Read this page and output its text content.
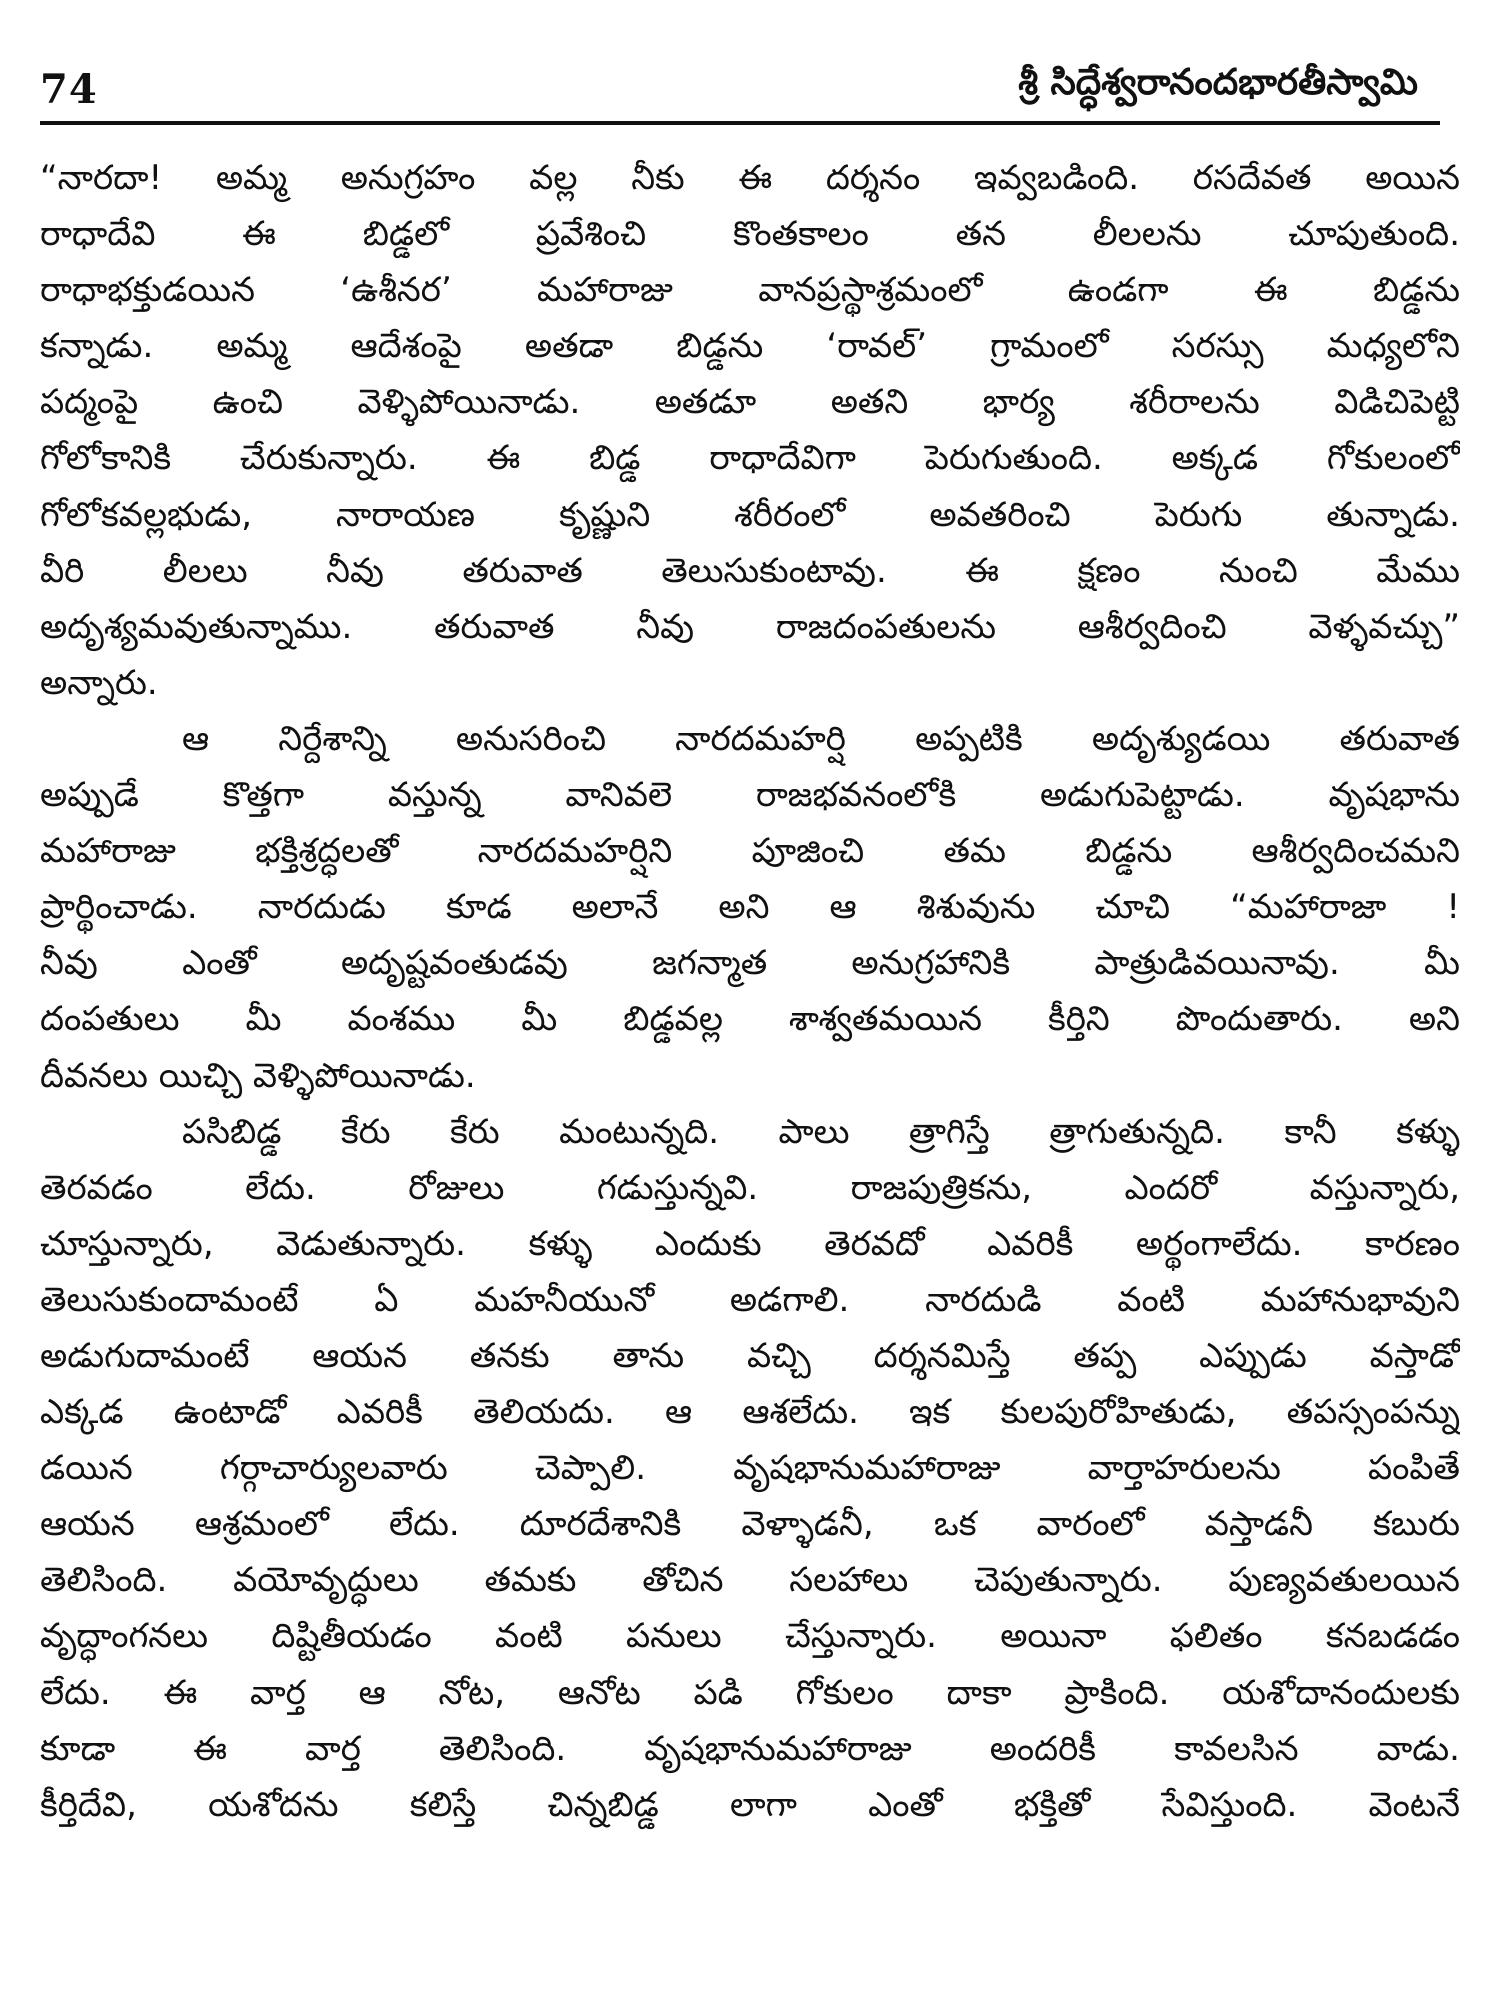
74	శ్రీ సిద్ధేశ్వరానందభారతీస్వామి
“నారదా! అమ్మ అనుగ్రహం వల్ల నీకు ఈ దర్శనం ఇవ్వబడింది. రసదేవత అయిన
రాధాదేవి ఈ బిడ్డలో ప్రవేశించి కొంతకాలం తన లీలలను చూపుతుంది.
రాధాభక్తుడయిన ‘ఉశీనర’ మహారాజు వానప్రస్థాశ్రమంలో ఉండగా ఈ బిడ్డను
కన్నాడు. అమ్మ ఆదేశంపై అతడా బిడ్డను ‘రావల్’ గ్రామంలో సరస్సు మధ్యలోని
పద్మంపై ఉంచి వెళ్ళిపోయినాడు. అతడూ అతని భార్య శరీరాలను విడిచిపెట్టి
గోలోకానికి చేరుకున్నారు. ఈ బిడ్డ రాధాదేవిగా పెరుగుతుంది. అక్కడ గోకులంలో
గోలోకవల్లభుడు, నారాయణ కృష్ణుని శరీరంలో అవతరించి పెరుగు తున్నాడు.
వీరి లీలలు నీవు తరువాత తెలుసుకుంటావు. ఈ క్షణం నుంచి మేము
అదృశ్యమవుతున్నాము. తరువాత నీవు రాజదంపతులను ఆశీర్వదించి వెళ్ళవచ్చు”
అన్నారు.
ఆ నిర్దేశాన్ని అనుసరించి నారదమహర్షి అప్పటికి అదృశ్యుడయి తరువాత
అప్పుడే కొత్తగా వస్తున్న వానివలె రాజభవనంలోకి అడుగుపెట్టాడు. వృషభాను
మహారాజు భక్తిశ్రద్ధలతో నారదమహర్షిని పూజించి తమ బిడ్డను ఆశీర్వదించమని
ప్రార్థించాడు. నారదుడు కూడ అలానే అని ఆ శిశువును చూచి “మహారాజా !
నీవు ఎంతో అదృష్టవంతుడవు జగన్మాత అనుగ్రహానికి పాత్రుడివయినావు. మీ
దంపతులు మీ వంశము మీ బిడ్డవల్ల శాశ్వతమయిన కీర్తిని పొందుతారు. అని
దీవనలు యిచ్చి వెళ్ళిపోయినాడు.
పసిబిడ్డ కేరు కేరు మంటున్నది. పాలు త్రాగిస్తే త్రాగుతున్నది. కానీ కళ్ళు
తెరవడం లేదు. రోజులు గడుస్తున్నవి. రాజపుత్రికను, ఎందరో వస్తున్నారు,
చూస్తున్నారు, వెడుతున్నారు. కళ్ళు ఎందుకు తెరవదో ఎవరికీ అర్థంగాలేదు. కారణం
తెలుసుకుందామంటే ఏ మహనీయునో అడగాలి. నారదుడి వంటి మహానుభావుని
అడుగుదామంటే ఆయన తనకు తాను వచ్చి దర్శనమిస్తే తప్ప ఎప్పుడు వస్తాడో
ఎక్కడ ఉంటాడో ఎవరికీ తెలియదు. ఆ ఆశలేదు. ఇక కులపురోహితుడు, తపస్సంపన్ను
డయిన గర్గాచార్యులవారు చెప్పాలి. వృషభానుమహారాజు వార్తాహరులను పంపితే
ఆయన ఆశ్రమంలో లేదు. దూరదేశానికి వెళ్ళాడనీ, ఒక వారంలో వస్తాడనీ కబురు
తెలిసింది. వయోవృద్ధులు తమకు తోచిన సలహాలు చెపుతున్నారు. పుణ్యవతులయిన
వృద్ధాంగనలు దిష్టితీయడం వంటి పనులు చేస్తున్నారు. అయినా ఫలితం కనబడడం
లేదు. ఈ వార్త ఆ నోట, ఆనోట పడి గోకులం దాకా ప్రాకింది. యశోదానందులకు
కూడా ఈ వార్త తెలిసింది. వృషభానుమహారాజు అందరికీ కావలసిన వాడు.
కీర్తిదేవి, యశోదను కలిస్తే చిన్నబిడ్డ లాగా ఎంతో భక్తితో సేవిస్తుంది. వెంటనే
